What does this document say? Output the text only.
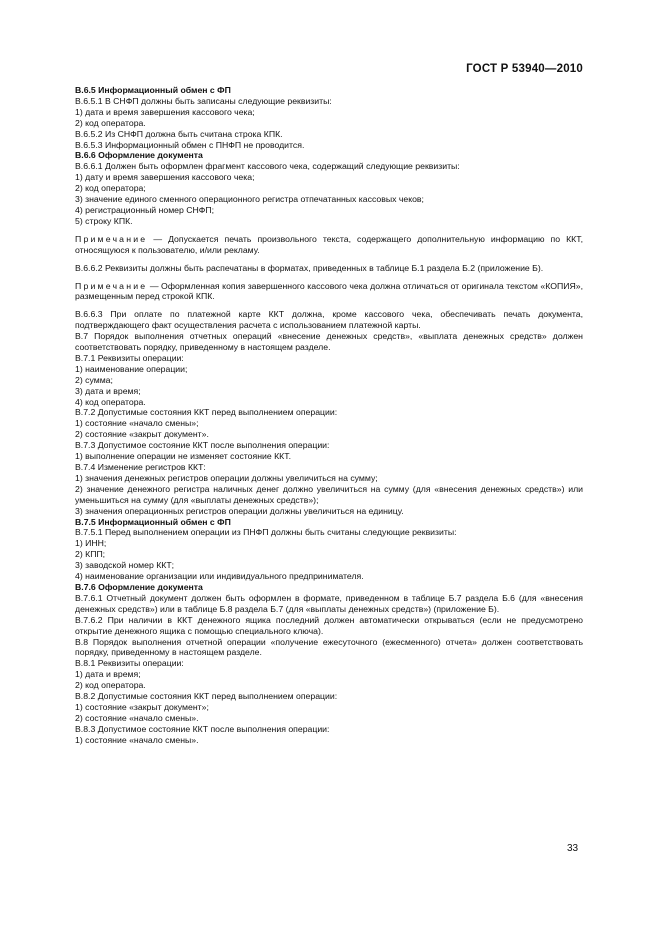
ГОСТ Р 53940—2010

В.6.5 Информационный обмен с ФП

В.6.5.1 В СНФП должны быть записаны следующие реквизиты:

1) дата и время завершения кассового чека;

2) код оператора.

В.6.5.2 Из СНФП должна быть считана строка КПК.

В.6.5.3 Информационный обмен с ПНФП не проводится.

В.6.6 Оформление документа

В.6.6.1 Должен быть оформлен фрагмент кассового чека, содержащий следующие реквизиты:

1) дату и время завершения кассового чека;

2) код оператора;

3) значение единого сменного операционного регистра отпечатанных кассовых чеков;

4) регистрационный номер СНФП;

5) строку КПК.

Примечание — Допускается печать произвольного текста, содержащего дополнительную информацию по ККТ, относящуюся к пользователю, и/или рекламу.

В.6.6.2 Реквизиты должны быть распечатаны в форматах, приведенных в таблице Б.1 раздела Б.2 (приложение Б).

Примечание — Оформленная копия завершенного кассового чека должна отличаться от оригинала текстом «КОПИЯ», размещенным перед строкой КПК.

В.6.6.3 При оплате по платежной карте ККТ должна, кроме кассового чека, обеспечивать печать документа, подтверждающего факт осуществления расчета с использованием платежной карты.

В.7 Порядок выполнения отчетных операций «внесение денежных средств», «выплата денежных средств» должен соответствовать порядку, приведенному в настоящем разделе.

В.7.1 Реквизиты операции:

1) наименование операции;

2) сумма;

3) дата и время;

4) код оператора.

В.7.2 Допустимые состояния ККТ перед выполнением операции:

1) состояние «начало смены»;

2) состояние «закрыт документ».

В.7.3 Допустимое состояние ККТ после выполнения операции:

1) выполнение операции не изменяет состояние ККТ.

В.7.4 Изменение регистров ККТ:

1) значения денежных регистров операции должны увеличиться на сумму;

2) значение денежного регистра наличных денег должно увеличиться на сумму (для «внесения денежных средств») или уменьшиться на сумму (для «выплаты денежных средств»);

3) значения операционных регистров операции должны увеличиться на единицу.

В.7.5 Информационный обмен с ФП

В.7.5.1 Перед выполнением операции из ПНФП должны быть считаны следующие реквизиты:

1) ИНН;

2) КПП;

3) заводской номер ККТ;

4) наименование организации или индивидуального предпринимателя.

В.7.6 Оформление документа

В.7.6.1 Отчетный документ должен быть оформлен в формате, приведенном в таблице Б.7 раздела Б.6 (для «внесения денежных средств») или в таблице Б.8 раздела Б.7 (для «выплаты денежных средств») (приложение Б).

В.7.6.2 При наличии в ККТ денежного ящика последний должен автоматически открываться (если не предусмотрено открытие денежного ящика с помощью специального ключа).

В.8 Порядок выполнения отчетной операции «получение ежесуточного (ежесменного) отчета» должен соответствовать порядку, приведенному в настоящем разделе.

В.8.1 Реквизиты операции:

1) дата и время;

2) код оператора.

В.8.2 Допустимые состояния ККТ перед выполнением операции:

1) состояние «закрыт документ»;

2) состояние «начало смены».

В.8.3 Допустимое состояние ККТ после выполнения операции:

1) состояние «начало смены».

33
